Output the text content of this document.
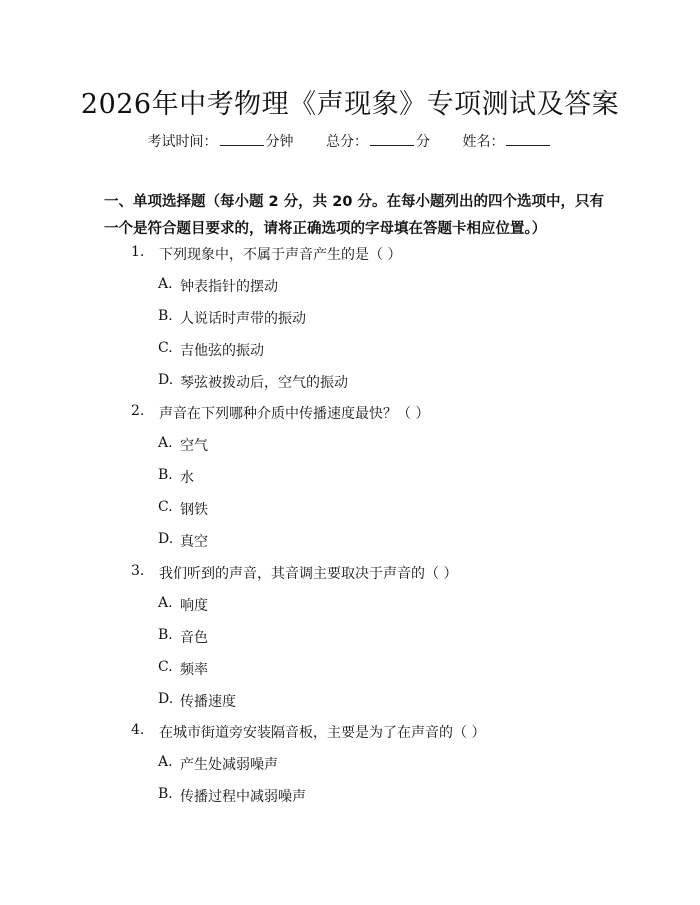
2026年中考物理《声现象》专项测试及答案
考试时间：	分钟 总分：	分 姓名：
一、单项选择题（每小题 2 分，共 20 分。在每小题列出的四个选项中，只有一个是符合题目要求的，请将正确选项的字母填在答题卡相应位置。）
1. 下列现象中，不属于声音产生的是（ ）
A. 钟表指针的摆动
B. 人说话时声带的振动
C. 吉他弦的振动
D. 琴弦被拨动后，空气的振动
2. 声音在下列哪种介质中传播速度最快？（ ）
A. 空气
B. 水
C. 钢铁
D. 真空
3. 我们听到的声音，其音调主要取决于声音的（ ）
A. 响度
B. 音色
C. 频率
D. 传播速度
4. 在城市街道旁安装隔音板，主要是为了在声音的（ ）
A. 产生处减弱噪声
B. 传播过程中减弱噪声
